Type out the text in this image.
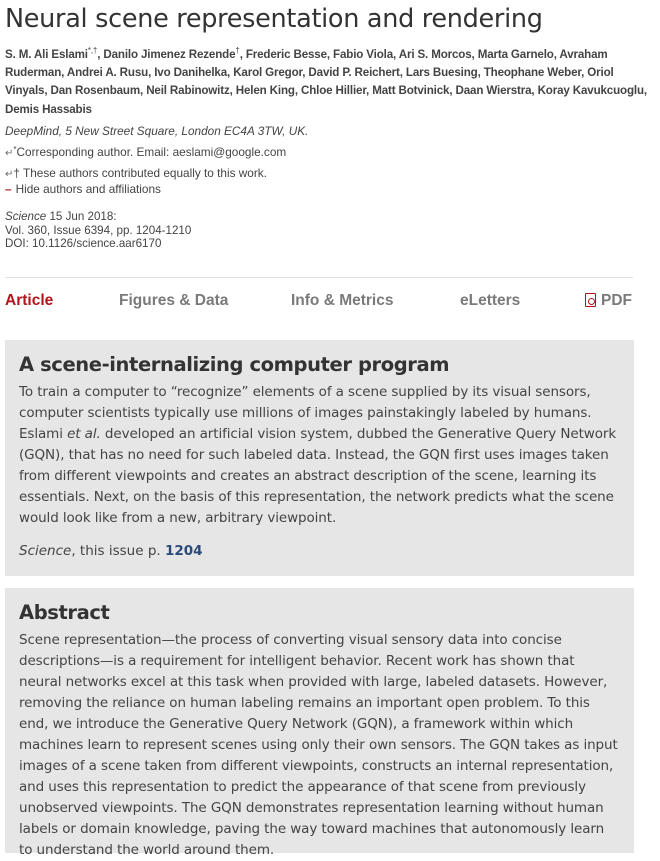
Neural scene representation and rendering
S. M. Ali Eslami*,†, Danilo Jimenez Rezende†, Frederic Besse, Fabio Viola, Ari S. Morcos, Marta Garnelo, Avraham Ruderman, Andrei A. Rusu, Ivo Danihelka, Karol Gregor, David P. Reichert, Lars Buesing, Theophane Weber, Oriol Vinyals, Dan Rosenbaum, Neil Rabinowitz, Helen King, Chloe Hillier, Matt Botvinick, Daan Wierstra, Koray Kavukcuoglu, Demis Hassabis
DeepMind, 5 New Street Square, London EC4A 3TW, UK.
↵*Corresponding author. Email: aeslami@google.com
↵† These authors contributed equally to this work.
– Hide authors and affiliations
Science 15 Jun 2018:
Vol. 360, Issue 6394, pp. 1204-1210
DOI: 10.1126/science.aar6170
Article	Figures & Data	Info & Metrics	eLetters	PDF
A scene-internalizing computer program

To train a computer to “recognize” elements of a scene supplied by its visual sensors, computer scientists typically use millions of images painstakingly labeled by humans. Eslami et al. developed an artificial vision system, dubbed the Generative Query Network (GQN), that has no need for such labeled data. Instead, the GQN first uses images taken from different viewpoints and creates an abstract description of the scene, learning its essentials. Next, on the basis of this representation, the network predicts what the scene would look like from a new, arbitrary viewpoint.

Science, this issue p. 1204
Abstract

Scene representation—the process of converting visual sensory data into concise descriptions—is a requirement for intelligent behavior. Recent work has shown that neural networks excel at this task when provided with large, labeled datasets. However, removing the reliance on human labeling remains an important open problem. To this end, we introduce the Generative Query Network (GQN), a framework within which machines learn to represent scenes using only their own sensors. The GQN takes as input images of a scene taken from different viewpoints, constructs an internal representation, and uses this representation to predict the appearance of that scene from previously unobserved viewpoints. The GQN demonstrates representation learning without human labels or domain knowledge, paving the way toward machines that autonomously learn to understand the world around them.
